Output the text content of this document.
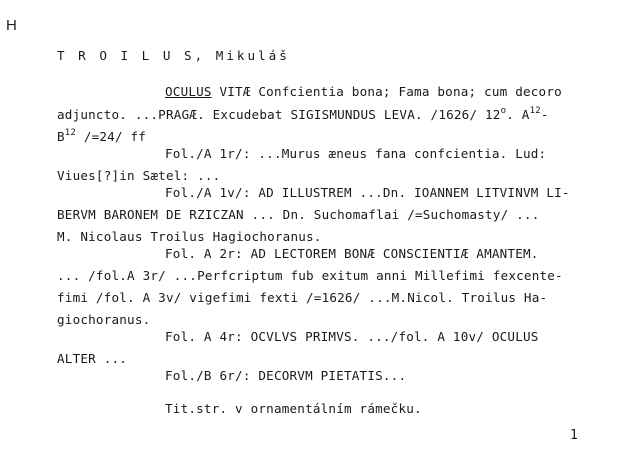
H
T R O I L U S, Mikuláš
OCULUS VITÆ Confcientia bona; Fama bona; cum decoro
adjuncto. ...PRAGÆ. Excudebat SIGISMUNDUS LEVA. /1626/ 12$^o$. $A^{12}-$
$B^{12}$ /=24/ ff
Fol./A 1r/: ...Murus æneus fana confcientia. Lud:
Viues[?]in Sætel: ...
Fol./A 1v/: AD ILLUSTREM ...Dn. IOANNEM LITVINVM LI-
BERVM BARONEM DE RZICZAN ... Dn. Suchomaflai /=Suchomasty/ ...
M. Nicolaus Troilus Hagiochoranus.
Fol. A 2r: AD LECTOREM BONÆ CONSCIENTIÆ AMANTEM.
... /fol.A 3r/ ...Perfcriptum fub exitum anni Millefimi fexcente-
fimi /fol. A 3v/ vigefimi fexti /=1626/ ...M.Nicol. Troilus Ha-
giochoranus.
Fol. A 4r: OCVLVS PRIMVS. .../fol. A 10v/ OCULUS
ALTER ...
Fol./B 6r/: DECORVM PIETATIS...
Tit.str. v ornamentálním rámečku.
1
